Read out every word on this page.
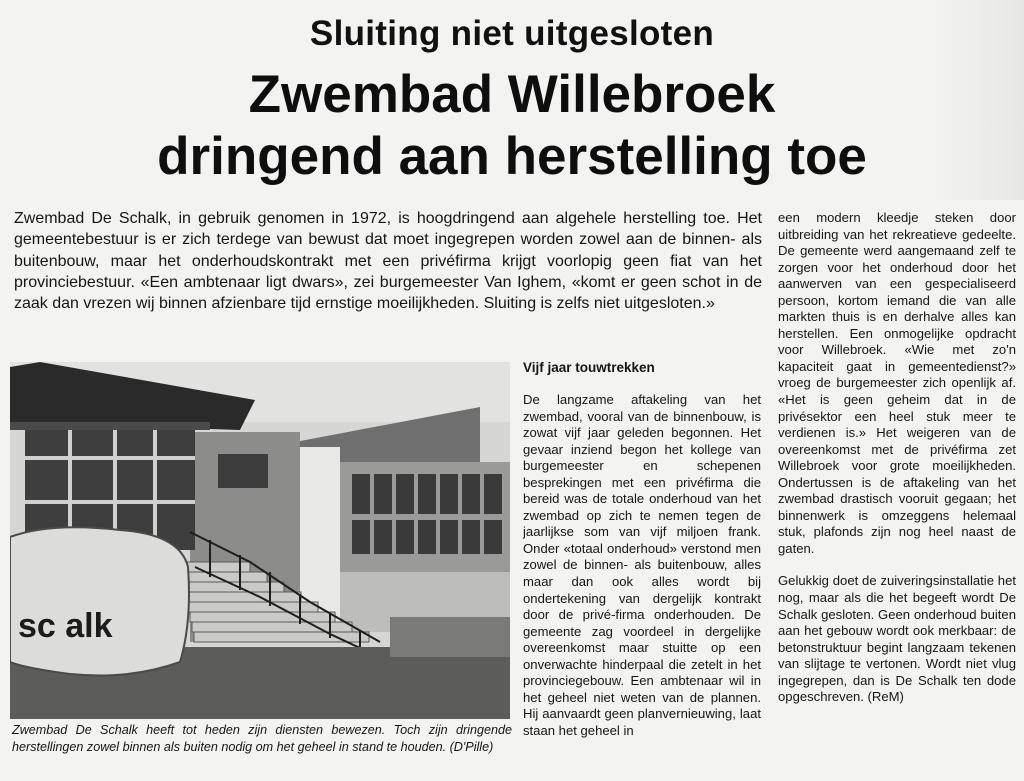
Sluiting niet uitgesloten
Zwembad Willebroek
dringend aan herstelling toe
Zwembad De Schalk, in gebruik genomen in 1972, is hoogdringend aan algehele herstelling toe. Het gemeentebestuur is er zich terdege van bewust dat moet ingegrepen worden zowel aan de binnen- als buitenbouw, maar het onderhoudskontrakt met een privéfirma krijgt voorlopig geen fiat van het provinciebestuur. «Een ambtenaar ligt dwars», zei burgemeester Van Ighem, «komt er geen schot in de zaak dan vrezen wij binnen afzienbare tijd ernstige moeilijkheden. Sluiting is zelfs niet uitgesloten.»
sc alk
Zwembad De Schalk heeft tot heden zijn diensten bewezen. Toch zijn dringende herstellingen zowel binnen als buiten nodig om het geheel in stand te houden. (D'Pille)
Vijf jaar touwtrekken

De langzame aftakeling van het zwembad, vooral van de binnenbouw, is zowat vijf jaar geleden begonnen. Het gevaar inziend begon het kollege van burgemeester en schepenen besprekingen met een privéfirma die bereid was de totale onderhoud van het zwembad op zich te nemen tegen de jaarlijkse som van vijf miljoen frank. Onder «totaal onderhoud» verstond men zowel de binnen- als buitenbouw, alles maar dan ook alles wordt bij ondertekening van dergelijk kontrakt door de privé-firma onderhouden. De gemeente zag voordeel in dergelijke overeenkomst maar stuitte op een onverwachte hinderpaal die zetelt in het provinciegebouw. Een ambtenaar wil in het geheel niet weten van de plannen. Hij aanvaardt geen planvernieuwing, laat staan het geheel in

een modern kleedje steken door uitbreiding van het rekreatieve gedeelte. De gemeente werd aangemaand zelf te zorgen voor het onderhoud door het aanwerven van een gespecialiseerd persoon, kortom iemand die van alle markten thuis is en derhalve alles kan herstellen. Een onmogelijke opdracht voor Willebroek. «Wie met zo'n kapaciteit gaat in gemeentedienst?» vroeg de burgemeester zich openlijk af. «Het is geen geheim dat in de privésektor een heel stuk meer te verdienen is.» Het weigeren van de overeenkomst met de privéfirma zet Willebroek voor grote moeilijkheden. Ondertussen is de aftakeling van het zwembad drastisch vooruit gegaan; het binnenwerk is omzeggens helemaal stuk, plafonds zijn nog heel naast de gaten.

Gelukkig doet de zuiveringsinstallatie het nog, maar als die het begeeft wordt De Schalk gesloten. Geen onderhoud buiten aan het gebouw wordt ook merkbaar: de betonstruktuur begint langzaam tekenen van slijtage te vertonen. Wordt niet vlug ingegrepen, dan is De Schalk ten dode opgeschreven. (ReM)
